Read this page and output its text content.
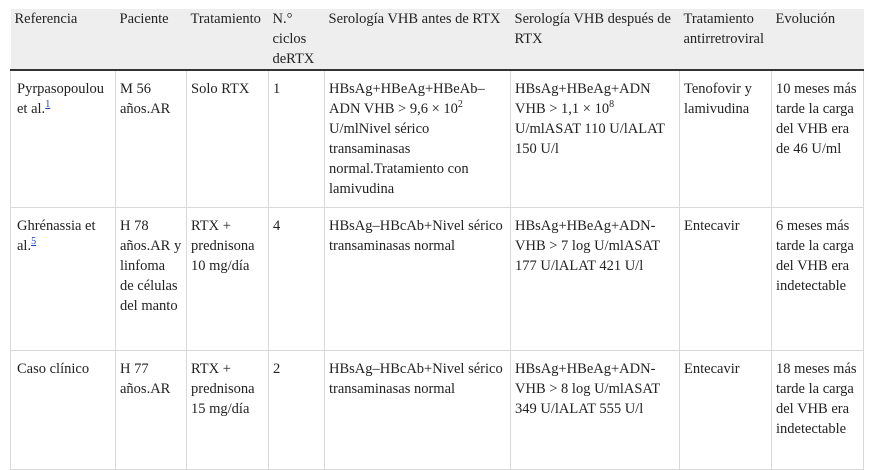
Referencia	Paciente	Tratamiento	N.° ciclos deRTX	Serología VHB antes de RTX	Serología VHB después de RTX	Tratamiento antirretroviral	Evolución
Pyrpasopoulou et al.$^1$	M 56 años.AR	Solo RTX	1	HBsAg+HBeAg+HBeAb–ADN VHB > $9,6 \times 10^2$ U/mlNivel sérico transaminasas normal.Tratamiento con lamivudina	HBsAg+HBeAg+ADN VHB > $1,1 \times 10^8$ U/mlASAT 110 U/lALAT 150 U/l	Tenofovir y lamivudina	10 meses más tarde la carga del VHB era de 46 U/ml
Ghrénassia et al.$^5$	H 78 años.AR y linfoma de células del manto	RTX + prednisona 10 mg/día	4	HBsAg–HBcAb+Nivel sérico transaminasas normal	HBsAg+HBeAg+ADN-VHB > 7 log U/mlASAT 177 U/lALAT 421 U/l	Entecavir	6 meses más tarde la carga del VHB era indetectable
Caso clínico	H 77 años.AR	RTX + prednisona 15 mg/día	2	HBsAg–HBcAb+Nivel sérico transaminasas normal	HBsAg+HBeAg+ADN-VHB > 8 log U/mlASAT 349 U/lALAT 555 U/l	Entecavir	18 meses más tarde la carga del VHB era indetectable
